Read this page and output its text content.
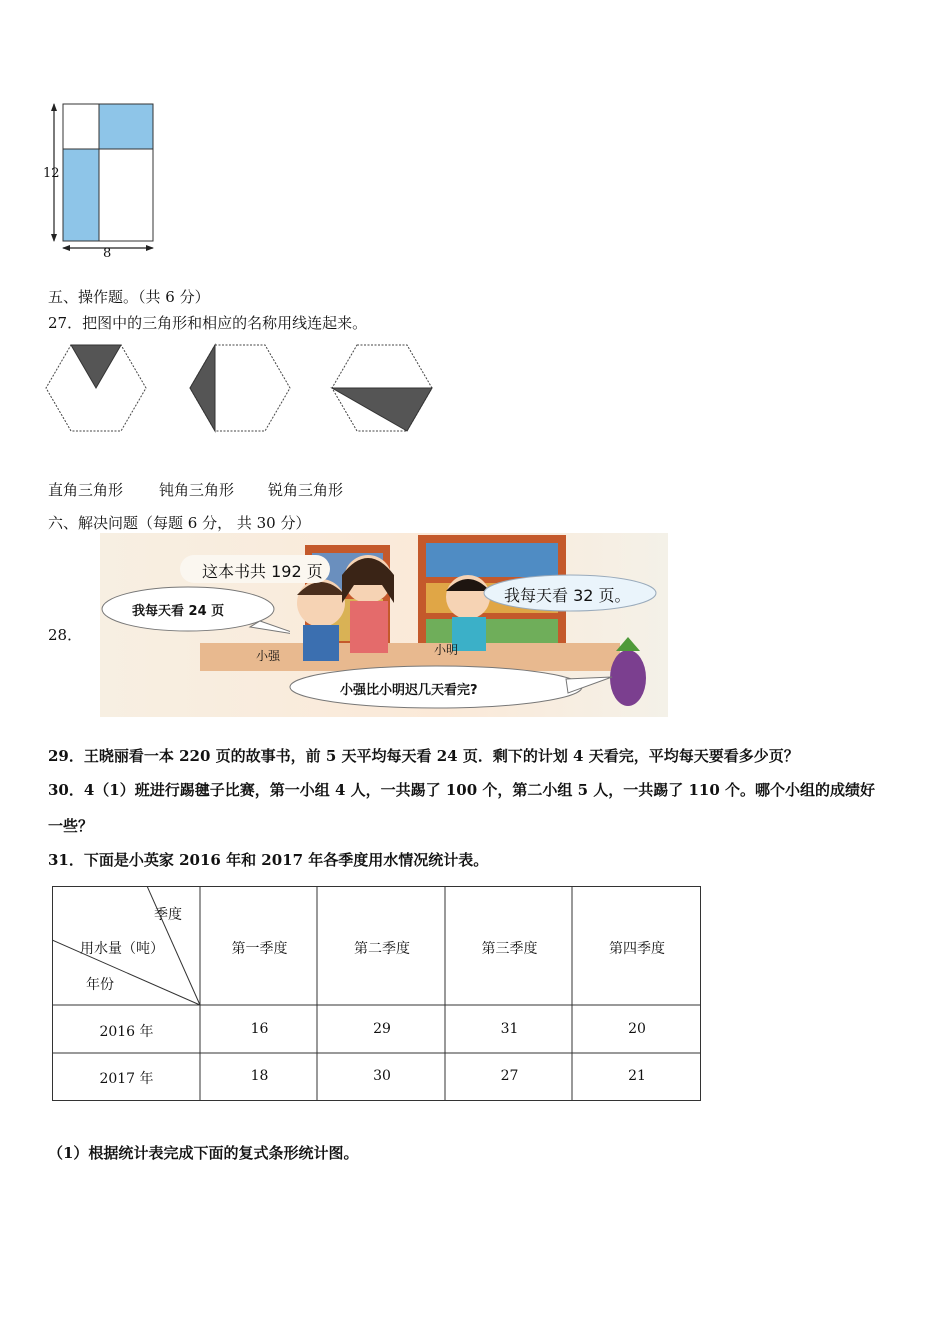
12
8
五、操作题。（共 6 分）
27．把图中的三角形和相应的名称用线连起来。
直角三角形 钝角三角形 锐角三角形
六、解决问题（每题 6 分， 共 30 分）
28．
这本书共 192 页
我每天看 24 页
我每天看 32 页。
小强	小明
小强比小明迟几天看完?
29．王晓丽看一本 220 页的故事书，前 5 天平均每天看 24 页．剩下的计划 4 天看完，平均每天要看多少页？
30．4（1）班进行踢毽子比赛，第一小组 4 人，一共踢了 100 个，第二小组 5 人，一共踢了 110 个。哪个小组的成绩好
一些？
31．下面是小英家 2016 年和 2017 年各季度用水情况统计表。
季度
用水量（吨）
年份
第一季度	第二季度	第三季度	第四季度
2016 年	16	29	31	20
2017 年	18	30	27	21
（1）根据统计表完成下面的复式条形统计图。
